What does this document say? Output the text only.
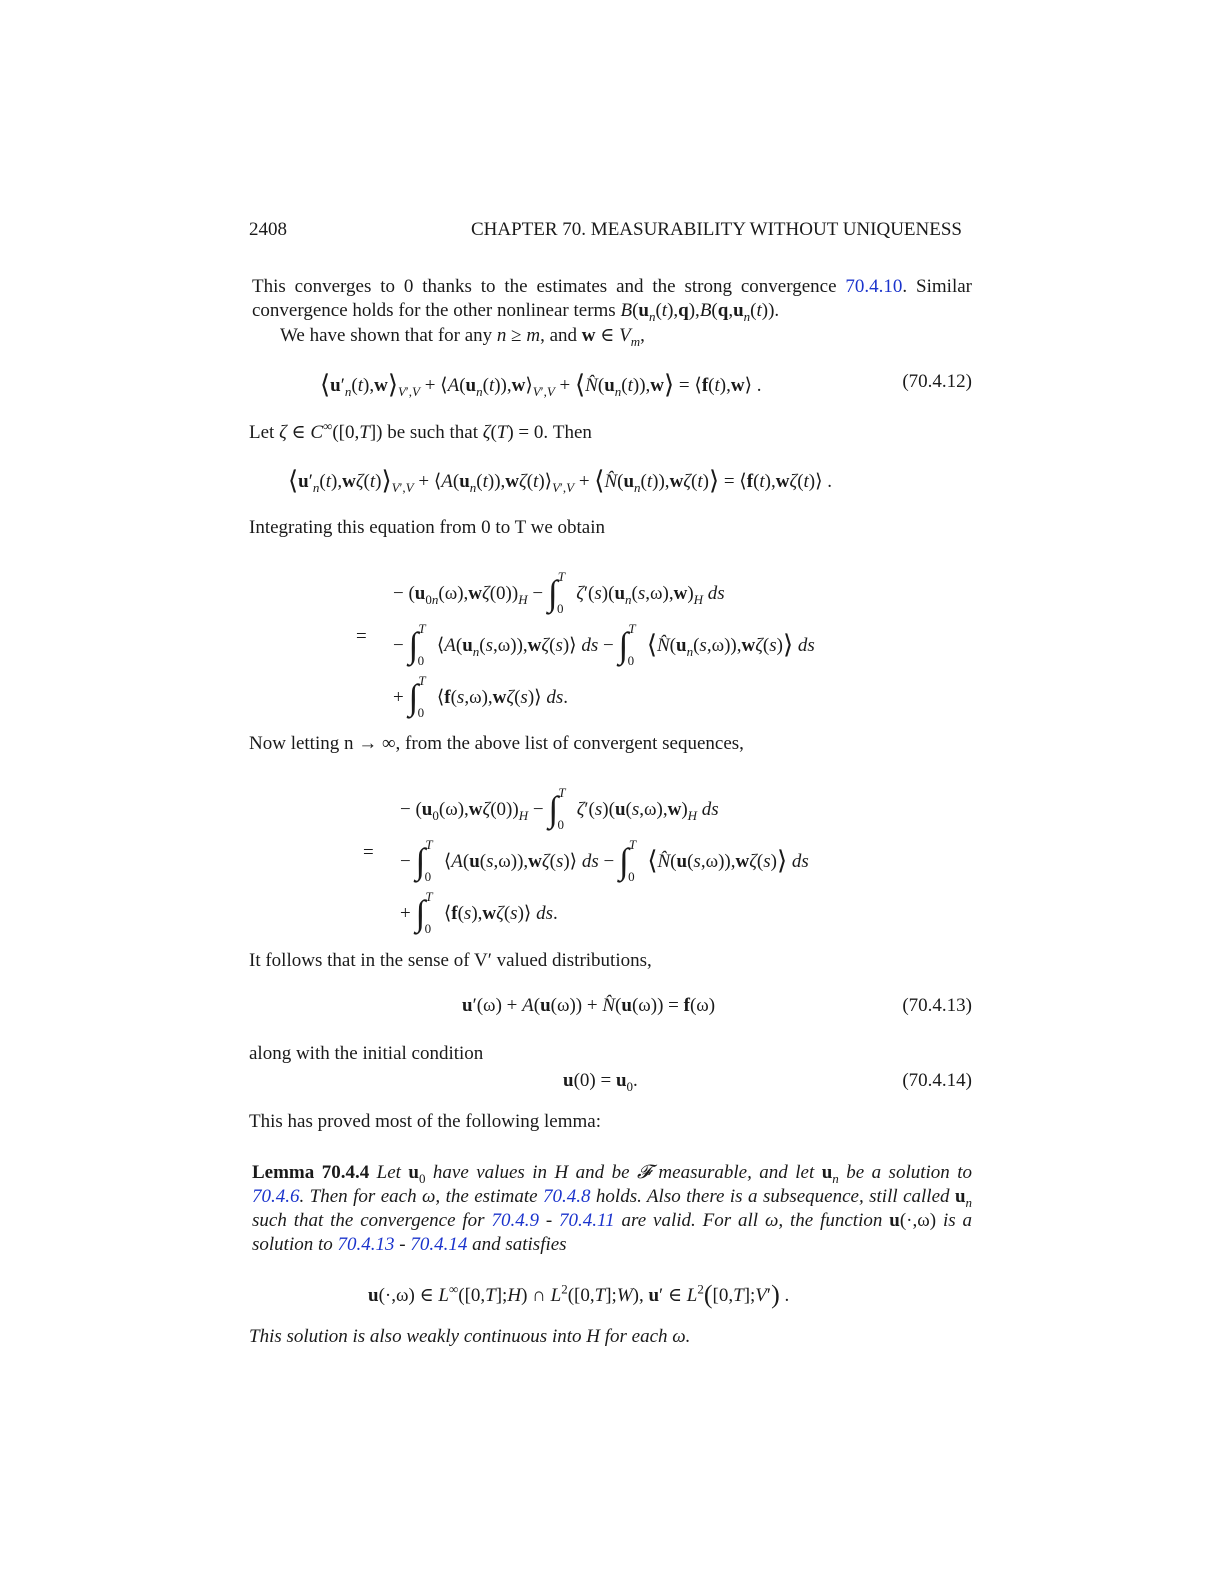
2408	CHAPTER 70. MEASURABILITY WITHOUT UNIQUENESS
This converges to 0 thanks to the estimates and the strong convergence 70.4.10. Similar convergence holds for the other nonlinear terms $B(u_n(t),q),B(q,u_n(t))$.
We have shown that for any n ≥ m, and w ∈ $V_m$,
$⟨u'_n(t),w⟩_{V',V}$ + $⟨A(u_n(t)),w⟩_{V',V}$ + $⟨N̂(u_n(t)),w⟩$ = ⟨f(t),w⟩ .	(70.4.12)
Let ζ ∈ C∞([0,T]) be such that ζ(T) = 0. Then
$⟨u'_n(t),w\zeta(t)⟩_{V',V}$ + $⟨A(u_n(t)),w\zeta(t)⟩_{V',V}$ + $⟨N̂(u_n(t)),w\zeta(t)⟩$ = ⟨f(t),wζ(t)⟩ .
Integrating this equation from 0 to T we obtain
− $(u_{0n}(\omega),w\zeta(0))_H - \int^T_0$ $\zeta'(s)(u_n(s,\omega),w)_H$ ds
= − ∫$^T_0$ $⟨A(u_n(s,\omega)),w\zeta(s)⟩$ ds − ∫$^T_0$ $⟨N̂(u_n(s,\omega)),w\zeta(s)⟩$ ds
+ ∫$^T_0$ ⟨f(s,ω),wζ(s)⟩ ds.
Now letting n → ∞, from the above list of convergent sequences,
− $(u_0(\omega),w\zeta(0))_H - \int^T_0$ $\zeta'(s)(u(s,\omega),w)_H$ ds
= − ∫$^T_0$ ⟨A(u(s,ω)),wζ(s)⟩ ds − ∫$^T_0$ ⟨N̂(u(s,ω)),wζ(s)⟩ ds
+ ∫$^T_0$ ⟨f(s),wζ(s)⟩ ds.
It follows that in the sense of V′ valued distributions,
u′(ω) + A(u(ω)) + N̂(u(ω)) = f(ω)	(70.4.13)
along with the initial condition
$u(0) = u_0$.	(70.4.14)
This has proved most of the following lemma:
Lemma 70.4.4 Let $u_0$ have values in H and be 𝓕 measurable, and let $u_n$ be a solution to 70.4.6. Then for each ω, the estimate 70.4.8 holds. Also there is a subsequence, still called $u_n$ such that the convergence for 70.4.9 - 70.4.11 are valid. For all ω, the function u(·,ω) is a solution to 70.4.13 - 70.4.14 and satisfies
u(·,ω) ∈ L∞([0,T];H) ∩ $L^2([0,T];W)$, u′ ∈ $L^2([0,T];V')$ .
This solution is also weakly continuous into H for each ω.
